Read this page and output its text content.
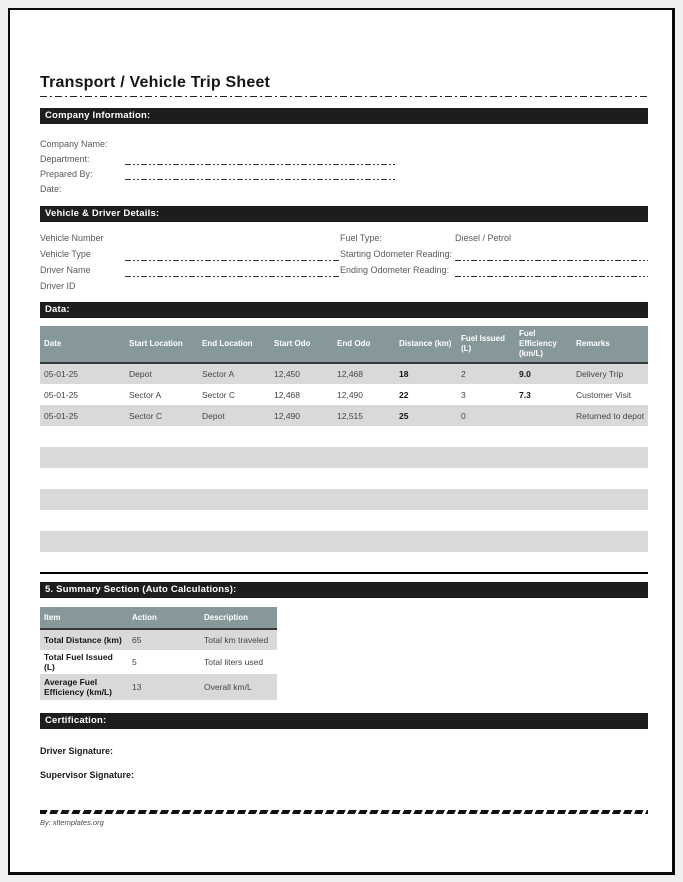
Transport / Vehicle Trip Sheet
Company Information:
Company Name:
Department:
Prepared By:
Date:
Vehicle & Driver Details:
Vehicle Number
Vehicle Type
Driver Name
Driver ID
Fuel Type:	Diesel / Petrol
Starting Odometer Reading:
Ending Odometer Reading:
Data:
Date	Start Location	End Location	Start Odo	End Odo	Distance (km)	Fuel Issued (L)	Fuel Efficiency (km/L)	Remarks
05-01-25	Depot	Sector A	12,450	12,468	18	2	9.0	Delivery Trip
05-01-25	Sector A	Sector C	12,468	12,490	22	3	7.3	Customer Visit
05-01-25	Sector C	Depot	12,490	12,515	25	0		Returned to depot

5. Summary Section (Auto Calculations):
Item	Action	Description
Total Distance (km)	65	Total km traveled
Total Fuel Issued (L)	5	Total liters used
Average Fuel Efficiency (km/L)	13	Overall km/L
Certification:
Driver Signature:
Supervisor Signature:
By: xltemplates.org
